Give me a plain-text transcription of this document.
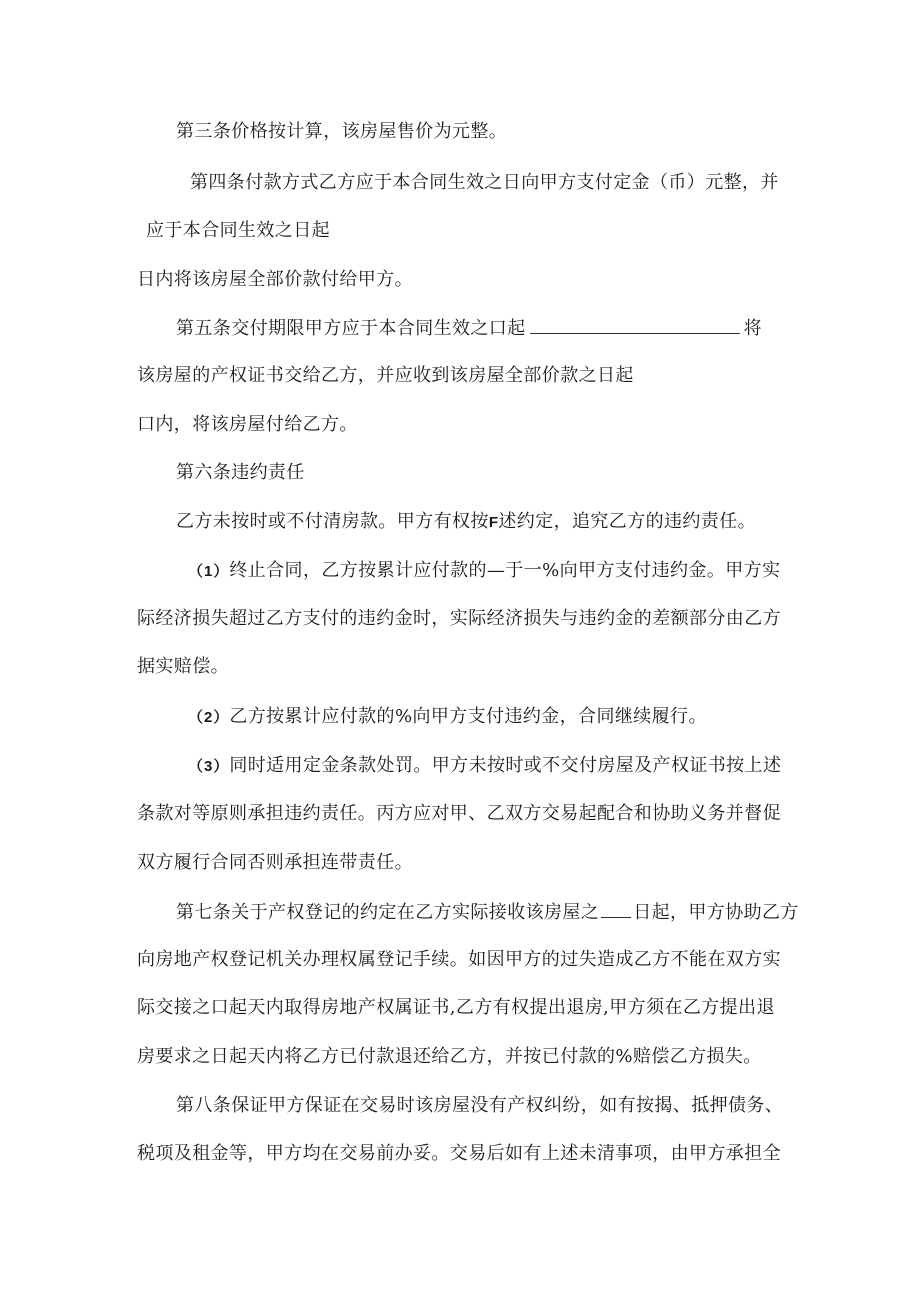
第三条价格按计算，该房屋售价为元整。
第四条付款方式乙方应于本合同生效之日向甲方支付定金（币）元整，并
应于本合同生效之日起
日内将该房屋全部价款付给甲方。
第五条交付期限甲方应于本合同生效之口起	将
该房屋的产权证书交给乙方，并应收到该房屋全部价款之日起
口内，将该房屋付给乙方。
第六条违约责任
乙方未按时或不付清房款。甲方有权按F述约定，追究乙方的违约责任。
（1）终止合同，乙方按累计应付款的—于一%向甲方支付违约金。甲方实
际经济损失超过乙方支付的违约金时，实际经济损失与违约金的差额部分由乙方
据实赔偿。
（2）乙方按累计应付款的%向甲方支付违约金，合同继续履行。
（3）同时适用定金条款处罚。甲方未按时或不交付房屋及产权证书按上述
条款对等原则承担违约责任。丙方应对甲、乙双方交易起配合和协助义务并督促
双方履行合同否则承担连带责任。
第七条关于产权登记的约定在乙方实际接收该房屋之 日起，甲方协助乙方
向房地产权登记机关办理权属登记手续。如因甲方的过失造成乙方不能在双方实
际交接之口起天内取得房地产权属证书,乙方有权提出退房,甲方须在乙方提出退
房要求之日起天内将乙方已付款退还给乙方，并按已付款的%赔偿乙方损失。
第八条保证甲方保证在交易时该房屋没有产权纠纷，如有按揭、抵押债务、
税项及租金等，甲方均在交易前办妥。交易后如有上述未清事项，由甲方承担全
